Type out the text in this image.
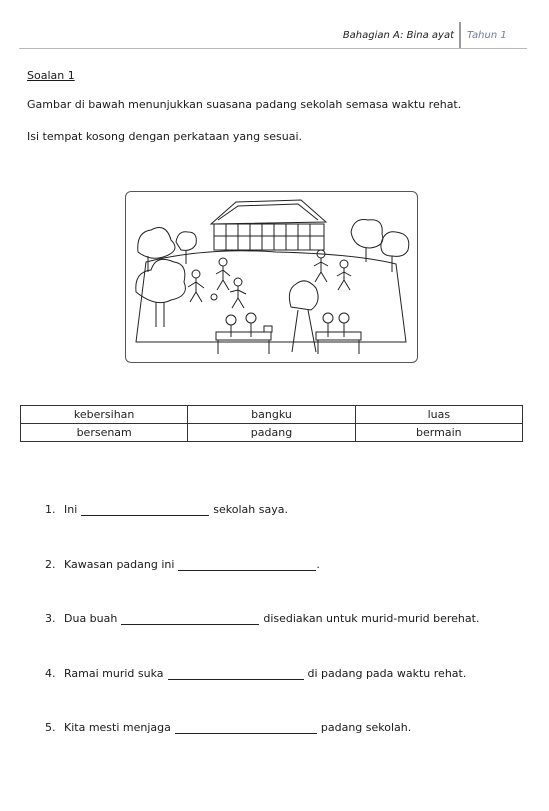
Bahagian A: Bina ayat Tahun 1
Soalan 1
Gambar di bawah menunjukkan suasana padang sekolah semasa waktu rehat.
Isi tempat kosong dengan perkataan yang sesuai.
kebersihan	bangku	luas
bersenam	padang	bermain
1. Ini	sekolah saya.
2. Kawasan padang ini	.
3. Dua buah	disediakan untuk murid-murid berehat.
4. Ramai murid suka	di padang pada waktu rehat.
5. Kita mesti menjaga	padang sekolah.
